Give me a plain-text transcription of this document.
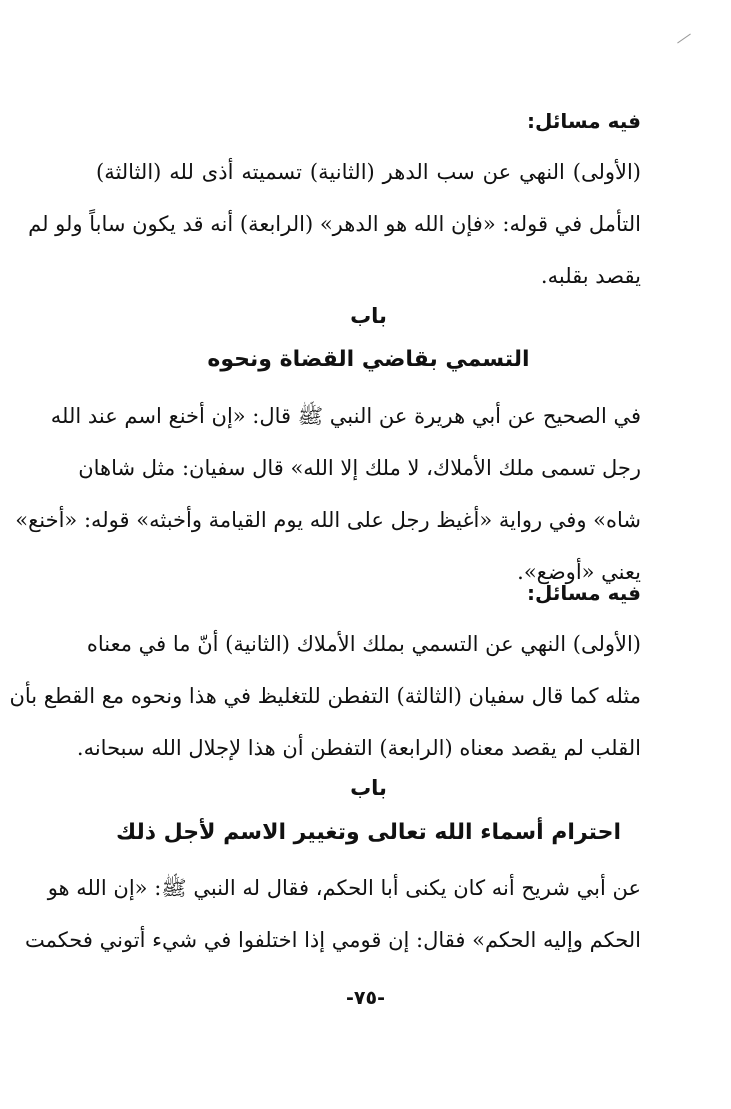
فيه مسائل:
(الأولى) النهي عن سب الدهر (الثانية) تسميته أذى لله (الثالثة)
التأمل في قوله: «فإن الله هو الدهر» (الرابعة) أنه قد يكون ساباً ولو لم
يقصد بقلبه.
باب
التسمي بقاضي القضاة ونحوه
في الصحيح عن أبي هريرة عن النبي ﷺ قال: «إن أخنع اسم عند الله
رجل تسمى ملك الأملاك، لا ملك إلا الله» قال سفيان: مثل شاهان
شاه» وفي رواية «أغيظ رجل على الله يوم القيامة وأخبثه» قوله: «أخنع»
يعني «أوضع».
فيه مسائل:
(الأولى) النهي عن التسمي بملك الأملاك (الثانية) أنّ ما في معناه
مثله كما قال سفيان (الثالثة) التفطن للتغليظ في هذا ونحوه مع القطع بأن
القلب لم يقصد معناه (الرابعة) التفطن أن هذا لإجلال الله سبحانه.
باب
احترام أسماء الله تعالى وتغيير الاسم لأجل ذلك
عن أبي شريح أنه كان يكنى أبا الحكم، فقال له النبي ﷺ: «إن الله هو
الحكم وإليه الحكم» فقال: إن قومي إذا اختلفوا في شيء أتوني فحكمت
-٧٥-
